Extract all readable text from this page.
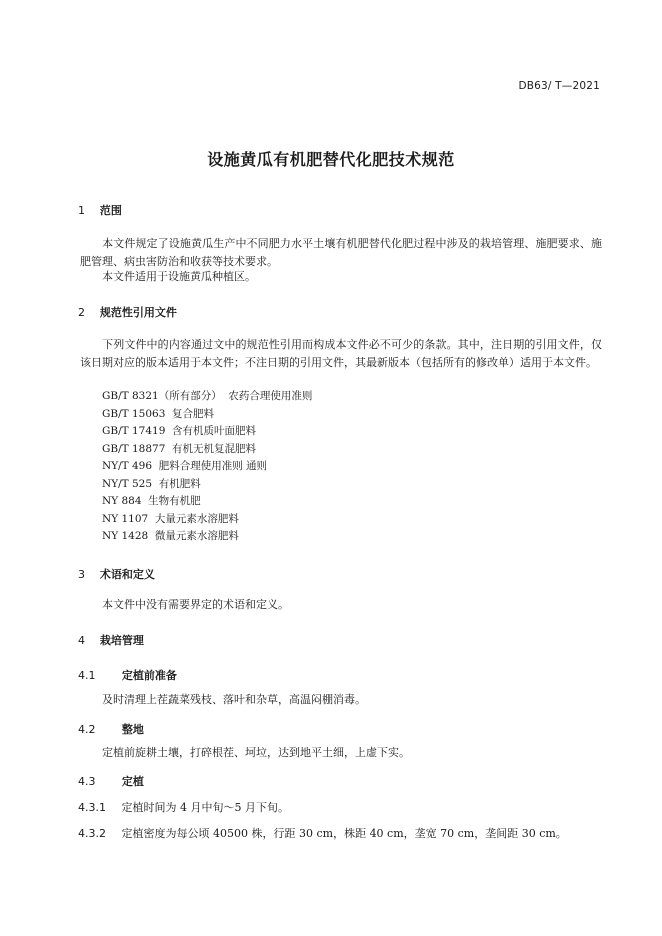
DB63/ T—2021
设施黄瓜有机肥替代化肥技术规范
1 范围
本文件规定了设施黄瓜生产中不同肥力水平土壤有机肥替代化肥过程中涉及的栽培管理、施肥要求、施肥管理、病虫害防治和收获等技术要求。
本文件适用于设施黄瓜种植区。
2 规范性引用文件
下列文件中的内容通过文中的规范性引用而构成本文件必不可少的条款。其中，注日期的引用文件，仅该日期对应的版本适用于本文件；不注日期的引用文件，其最新版本（包括所有的修改单）适用于本文件。
GB/T 8321（所有部分）  农药合理使用准则
GB/T 15063  复合肥料
GB/T 17419  含有机质叶面肥料
GB/T 18877  有机无机复混肥料
NY/T 496  肥料合理使用准则 通则
NY/T 525  有机肥料
NY 884  生物有机肥
NY 1107  大量元素水溶肥料
NY 1428  微量元素水溶肥料
3 术语和定义
本文件中没有需要界定的术语和定义。
4 栽培管理
4.1 定植前准备
及时清理上茬蔬菜残枝、落叶和杂草，高温闷棚消毒。
4.2 整地
定植前旋耕土壤，打碎根茬、坷垃，达到地平土细，上虚下实。
4.3 定植
4.3.1 定植时间为 4 月中旬～5 月下旬。
4.3.2 定植密度为每公顷 40500 株，行距 30 cm，株距 40 cm，垄宽 70 cm，垄间距 30 cm。
